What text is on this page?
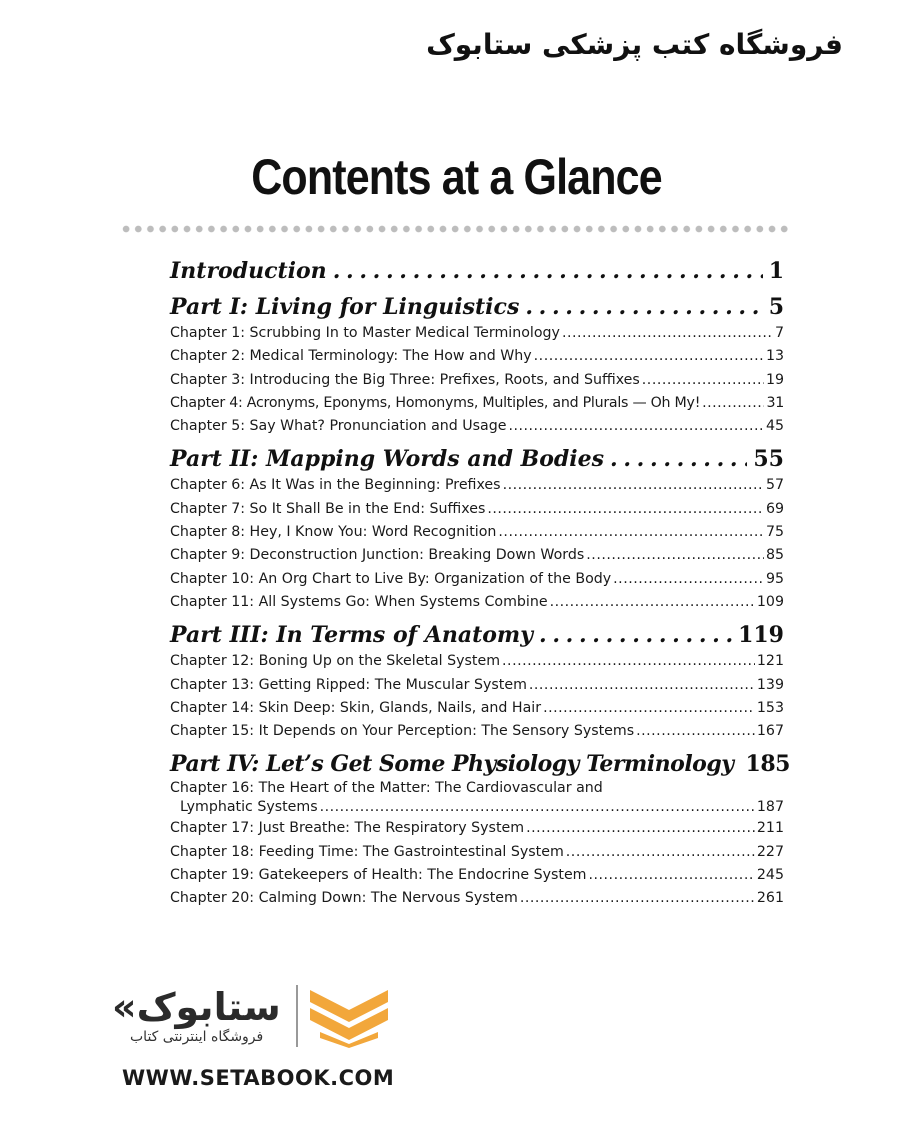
فروشگاه کتب پزشکی ستابوک
Contents at a Glance
Introduction . . .	1
Part I: Living for Linguistics . . .	5
Chapter 1: Scrubbing In to Master Medical Terminology .....	7
Chapter 2: Medical Terminology: The How and Why .....	13
Chapter 3: Introducing the Big Three: Prefixes, Roots, and Suffixes .....	19
Chapter 4: Acronyms, Eponyms, Homonyms, Multiples, and Plurals — Oh My! .....	31
Chapter 5: Say What? Pronunciation and Usage .....	45
Part II: Mapping Words and Bodies . . .	55
Chapter 6: As It Was in the Beginning: Prefixes .....	57
Chapter 7: So It Shall Be in the End: Suffixes .....	69
Chapter 8: Hey, I Know You: Word Recognition .....	75
Chapter 9: Deconstruction Junction: Breaking Down Words .....	85
Chapter 10: An Org Chart to Live By: Organization of the Body .....	95
Chapter 11: All Systems Go: When Systems Combine .....	109
Part III: In Terms of Anatomy . . .	119
Chapter 12: Boning Up on the Skeletal System .....	121
Chapter 13: Getting Ripped: The Muscular System .....	139
Chapter 14: Skin Deep: Skin, Glands, Nails, and Hair .....	153
Chapter 15: It Depends on Your Perception: The Sensory Systems .....	167
Part IV: Let’s Get Some Physiology Terminology 185
Chapter 16: The Heart of the Matter: The Cardiovascular and
Lymphatic Systems .....	187
Chapter 17: Just Breathe: The Respiratory System .....	211
Chapter 18: Feeding Time: The Gastrointestinal System .....	227
Chapter 19: Gatekeepers of Health: The Endocrine System .....	245
Chapter 20: Calming Down: The Nervous System .....	261
«ستابوک
فروشگاه اینترنتی کتاب
WWW.SETABOOK.COM
